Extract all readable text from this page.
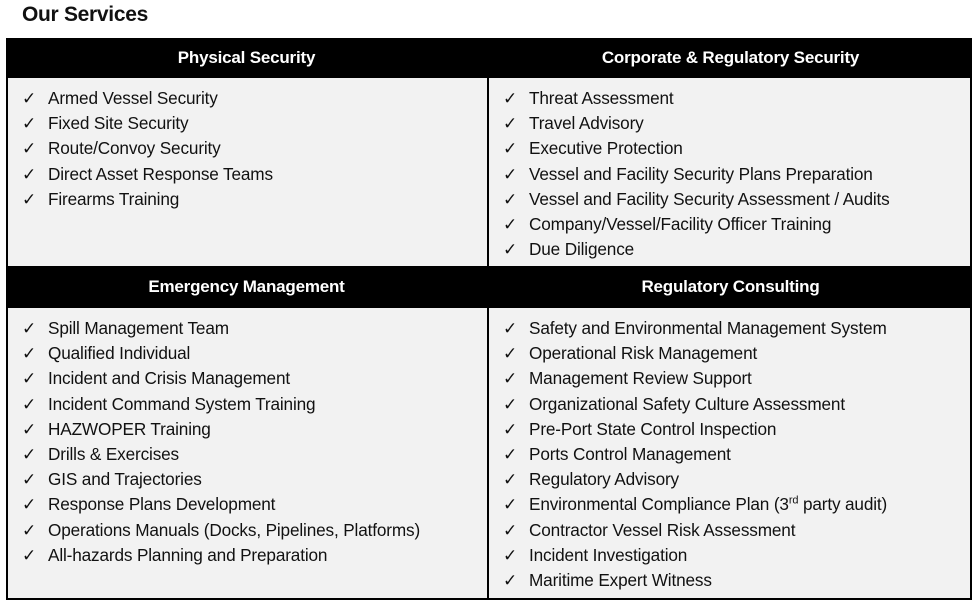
Our Services
Physical Security	Corporate & Regulatory Security
✓ Armed Vessel Security
✓ Fixed Site Security
✓ Route/Convoy Security
✓ Direct Asset Response Teams
✓ Firearms Training
✓ Threat Assessment
✓ Travel Advisory
✓ Executive Protection
✓ Vessel and Facility Security Plans Preparation
✓ Vessel and Facility Security Assessment / Audits
✓ Company/Vessel/Facility Officer Training
✓ Due Diligence
Emergency Management	Regulatory Consulting
✓ Spill Management Team
✓ Qualified Individual
✓ Incident and Crisis Management
✓ Incident Command System Training
✓ HAZWOPER Training
✓ Drills & Exercises
✓ GIS and Trajectories
✓ Response Plans Development
✓ Operations Manuals (Docks, Pipelines, Platforms)
✓ All-hazards Planning and Preparation
✓ Safety and Environmental Management System
✓ Operational Risk Management
✓ Management Review Support
✓ Organizational Safety Culture Assessment
✓ Pre-Port State Control Inspection
✓ Ports Control Management
✓ Regulatory Advisory
✓ Environmental Compliance Plan (3rd party audit)
✓ Contractor Vessel Risk Assessment
✓ Incident Investigation
✓ Maritime Expert Witness
